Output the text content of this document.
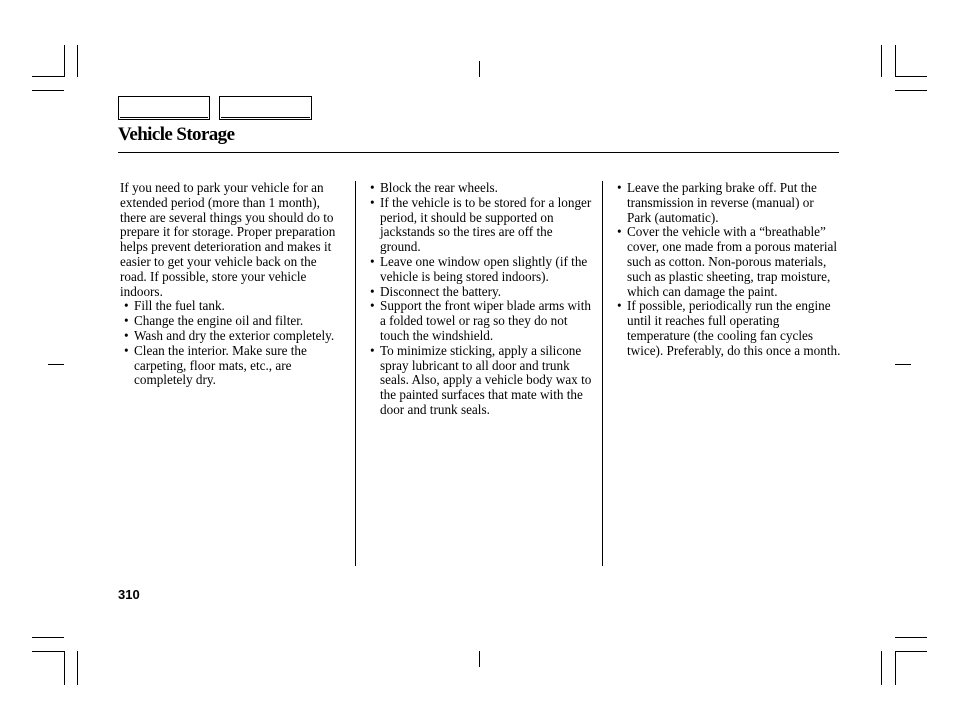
Vehicle Storage

If you need to park your vehicle for an extended period (more than 1 month), there are several things you should do to prepare it for storage. Proper preparation helps prevent deterioration and makes it easier to get your vehicle back on the road. If possible, store your vehicle indoors.

• Fill the fuel tank.

• Change the engine oil and filter.

• Wash and dry the exterior completely.

• Clean the interior. Make sure the carpeting, floor mats, etc., are completely dry.

• Block the rear wheels.

• If the vehicle is to be stored for a longer period, it should be supported on jackstands so the tires are off the ground.

• Leave one window open slightly (if the vehicle is being stored indoors).

• Disconnect the battery.

• Support the front wiper blade arms with a folded towel or rag so they do not touch the windshield.

• To minimize sticking, apply a silicone spray lubricant to all door and trunk seals. Also, apply a vehicle body wax to the painted surfaces that mate with the door and trunk seals.

• Leave the parking brake off. Put the transmission in reverse (manual) or Park (automatic).

• Cover the vehicle with a “breathable” cover, one made from a porous material such as cotton. Non-porous materials, such as plastic sheeting, trap moisture, which can damage the paint.

• If possible, periodically run the engine until it reaches full operating temperature (the cooling fan cycles twice). Preferably, do this once a month.

310
